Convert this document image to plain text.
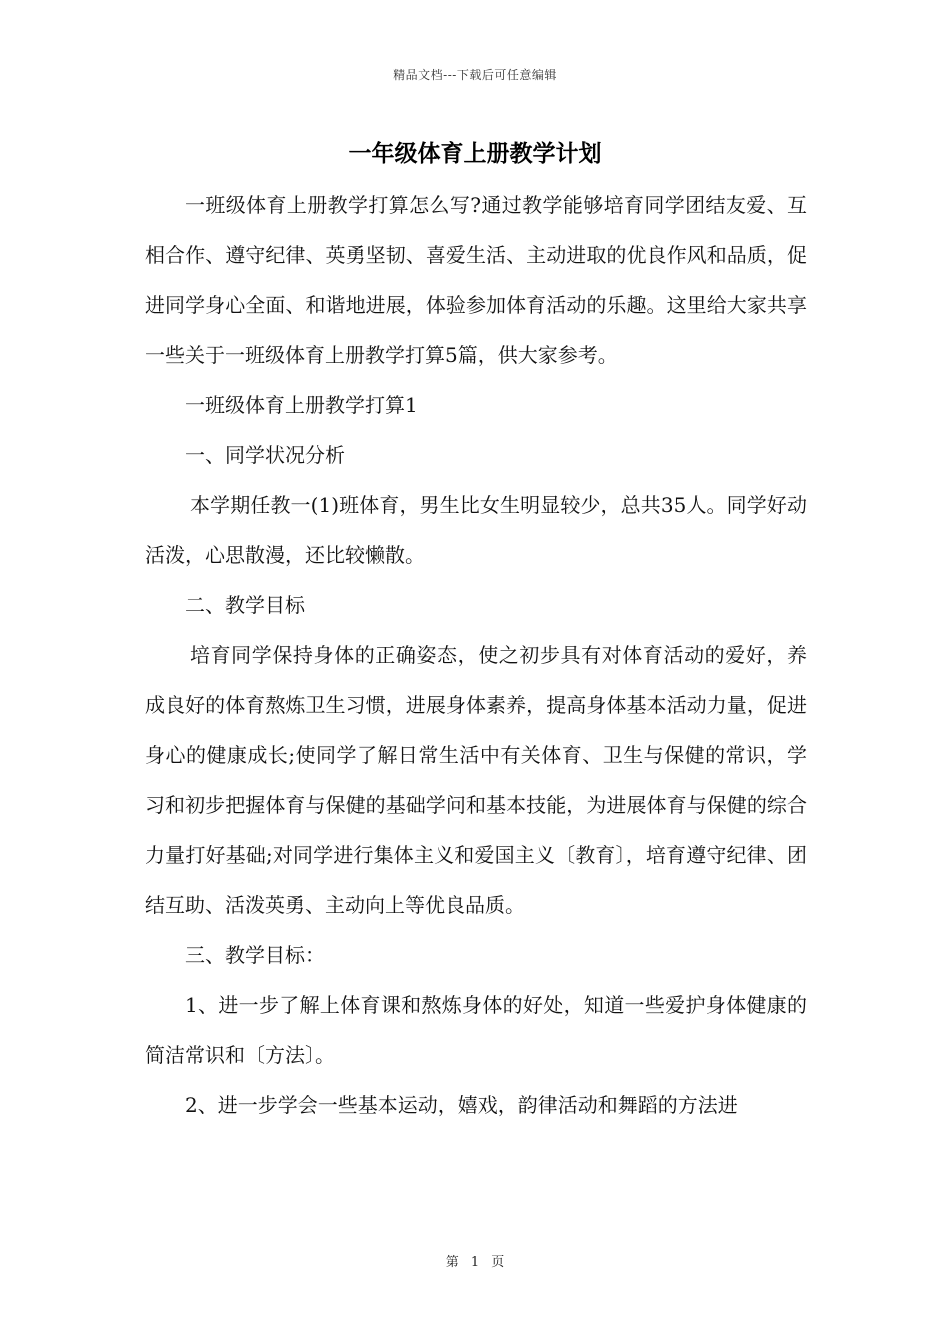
精品文档---下载后可任意编辑
一年级体育上册教学计划

一班级体育上册教学打算怎么写?通过教学能够培育同学团结友爱、互相合作、遵守纪律、英勇坚韧、喜爱生活、主动进取的优良作风和品质，促进同学身心全面、和谐地进展，体验参加体育活动的乐趣。这里给大家共享一些关于一班级体育上册教学打算5篇，供大家参考。

一班级体育上册教学打算1

一、同学状况分析

本学期任教一(1)班体育，男生比女生明显较少，总共35人。同学好动活泼，心思散漫，还比较懒散。

二、教学目标

培育同学保持身体的正确姿态，使之初步具有对体育活动的爱好，养成良好的体育熬炼卫生习惯，进展身体素养，提高身体基本活动力量，促进身心的健康成长;使同学了解日常生活中有关体育、卫生与保健的常识，学习和初步把握体育与保健的基础学问和基本技能，为进展体育与保健的综合力量打好基础;对同学进行集体主义和爱国主义〔教育〕，培育遵守纪律、团结互助、活泼英勇、主动向上等优良品质。

三、教学目标：

1、进一步了解上体育课和熬炼身体的好处，知道一些爱护身体健康的简洁常识和〔方法〕。

2、进一步学会一些基本运动，嬉戏，韵律活动和舞蹈的方法进

第 1 页
